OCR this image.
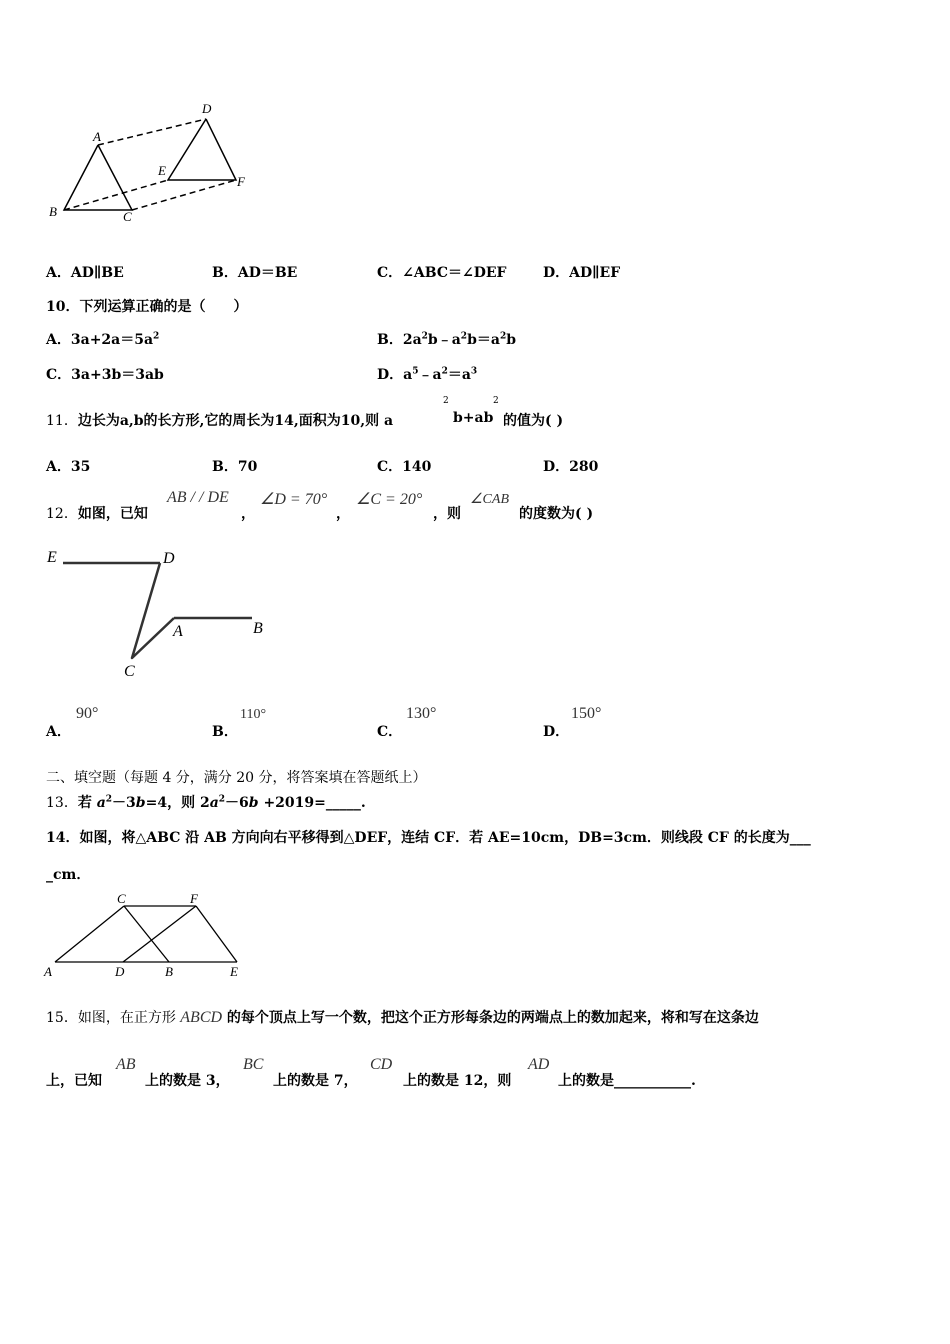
A
B	C
D
E
F
A．AD∥BE	B．AD＝BE	C．∠ABC＝∠DEF	D．AD∥EF
10．下列运算正确的是（　　）
A．$3a+2a=5a^2$	B．$2a^2b﹣a^2b=a^2b$
C．3a+3b＝3ab	D．$a^5﹣a^2=a^3$
11．边长为a,b的长方形,它的周长为14,面积为10,则 a
2
b+ab
2
的值为( )
A．35	B．70	C．140	D．280
12．如图，已知
AB / / DE
，
∠D = 70°
，
∠C = 20°
，则
∠CAB
的度数为( )
E	D
A	B
C
A．
90°
B．
110°
C．
130°
D．
150°
二、填空题（每题 4 分，满分 20 分，将答案填在答题纸上）
13．若 $a^2-3b=4$，则 $2a^2-6b$ +2019=_____.
14．如图，将△ABC 沿 AB 方向向右平移得到△DEF，连结 CF．若 AE=10cm，DB=3cm．则线段 CF 的长度为___
_cm．
C	F
A	D	B	E
15．如图，在正方形 ABCD 的每个顶点上写一个数，把这个正方形每条边的两端点上的数加起来，将和写在这条边
上，已知
AB
上的数是 3，
BC
上的数是 7，
CD
上的数是 12，则
AD
上的数是___________.
